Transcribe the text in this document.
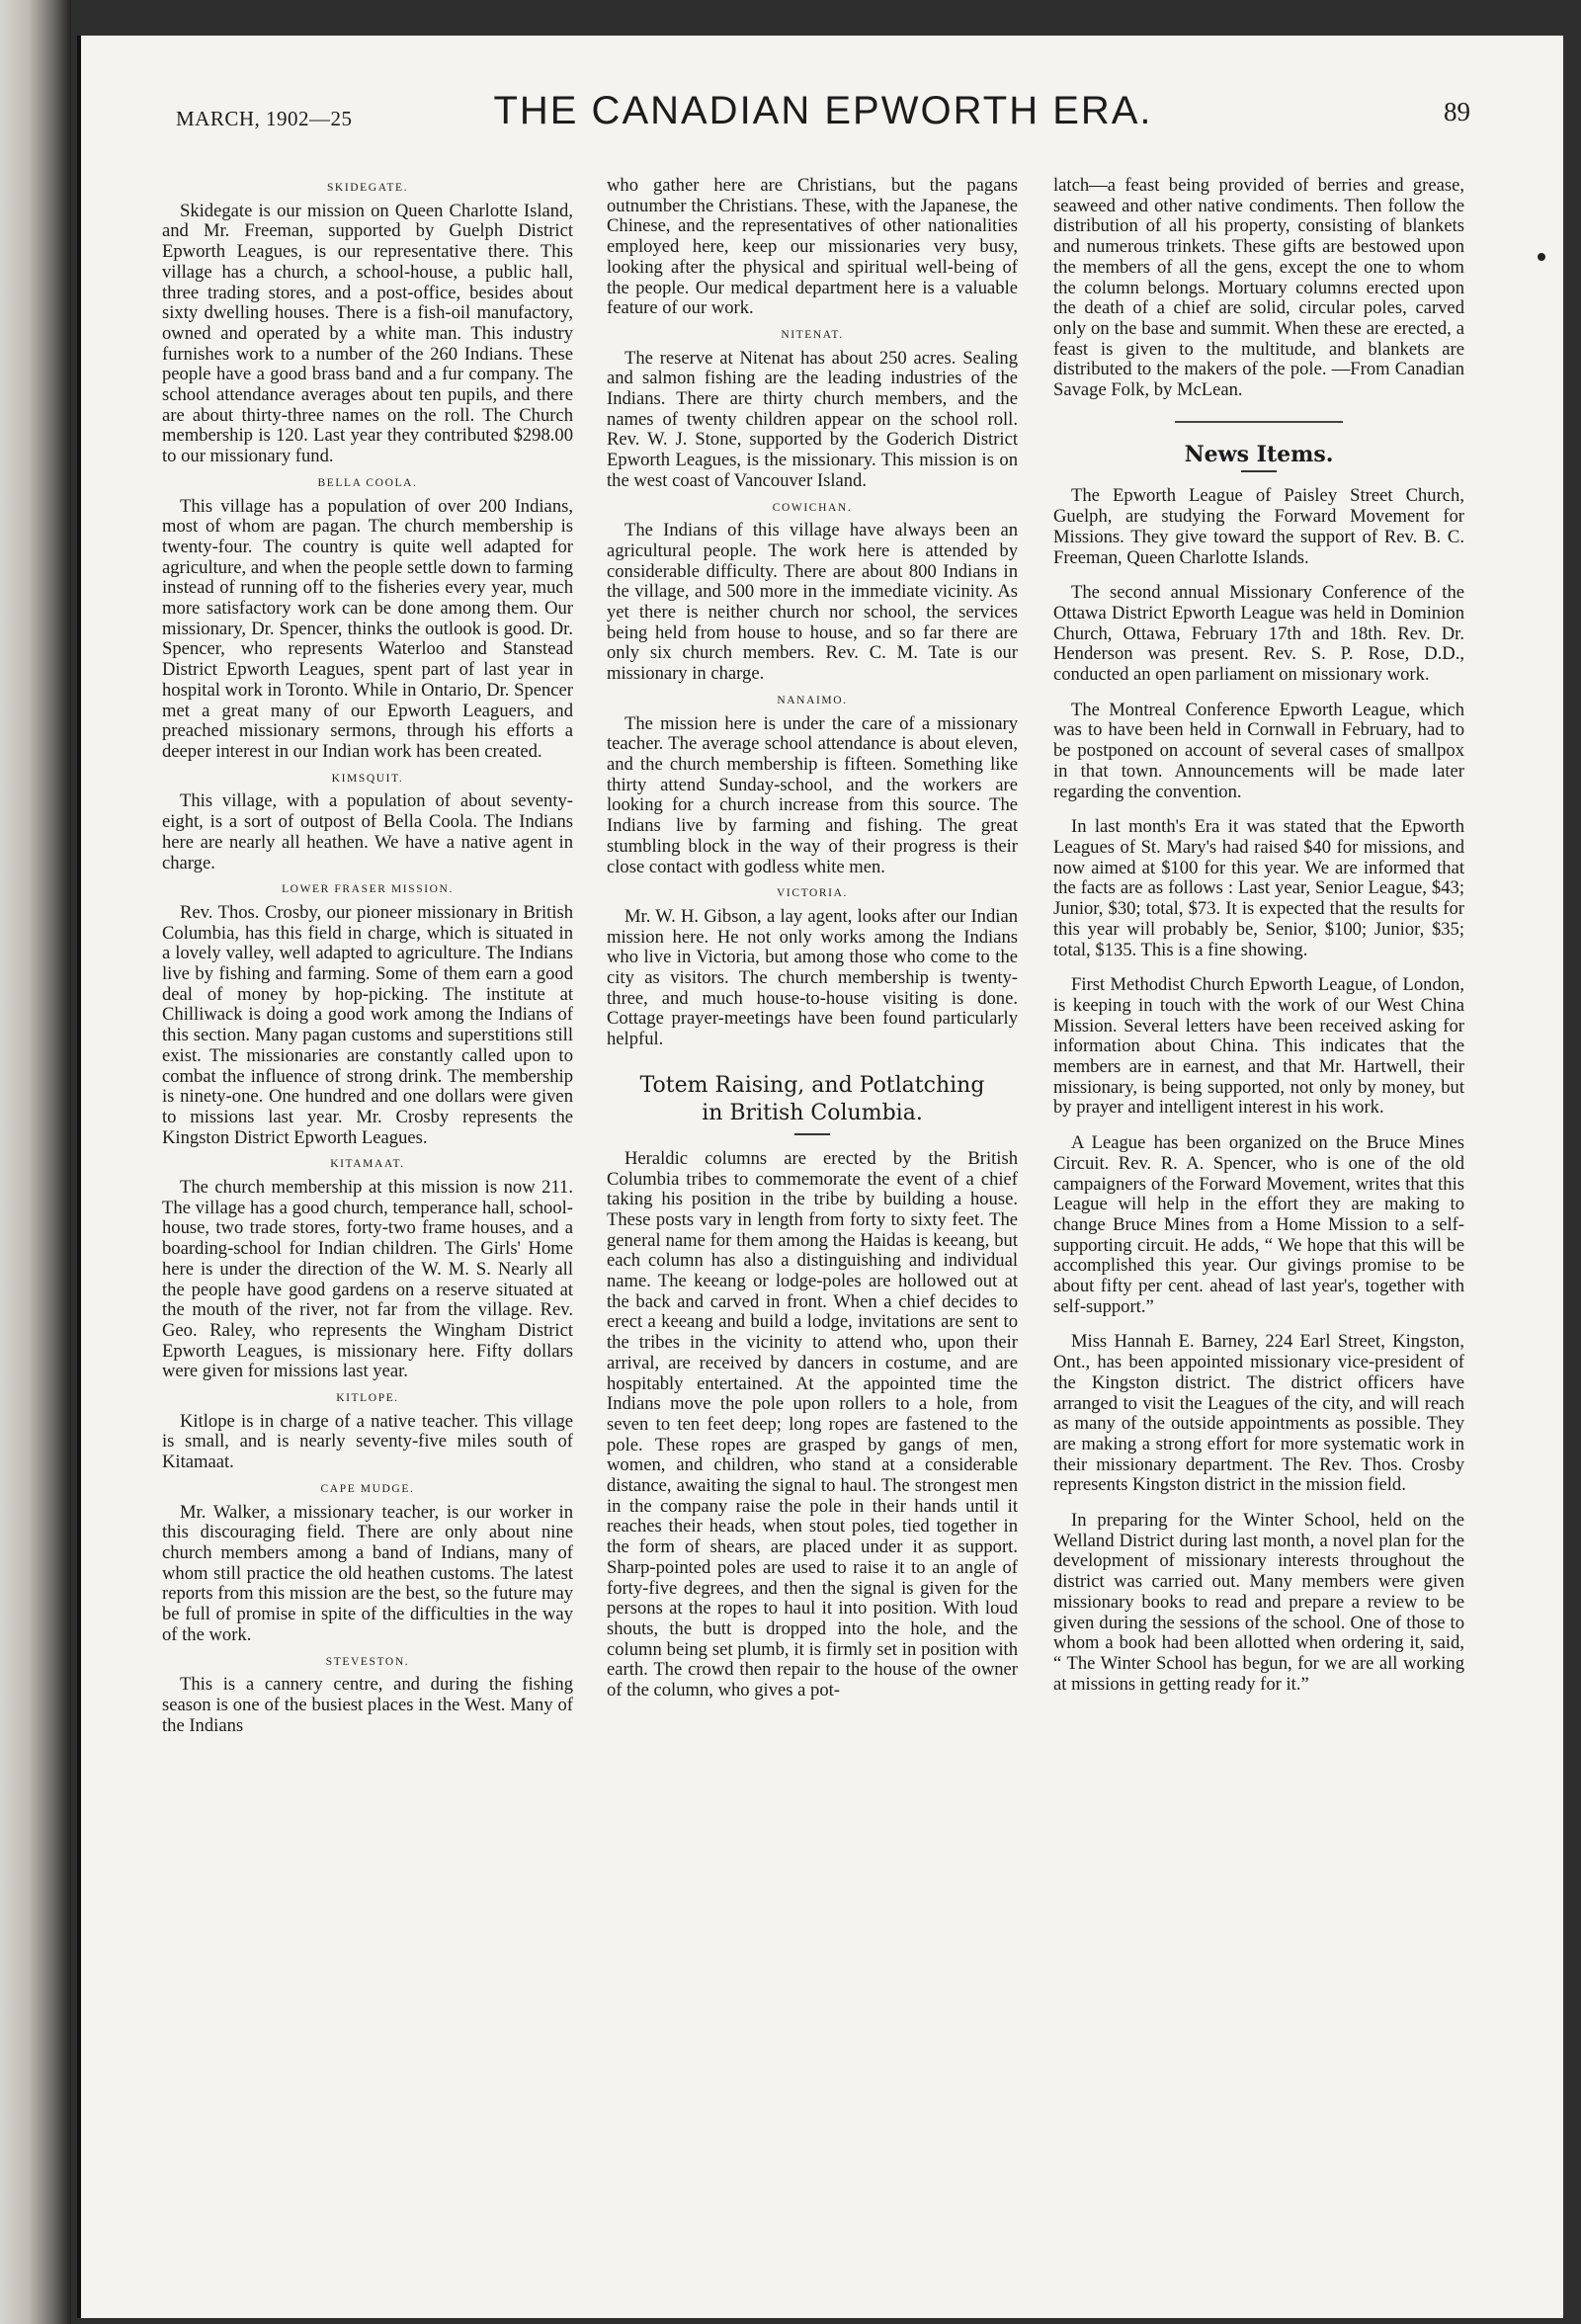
MARCH, 1902—25	THE CANADIAN EPWORTH ERA.	89
SKIDEGATE.

Skidegate is our mission on Queen Charlotte Island, and Mr. Freeman, supported by Guelph District Epworth Leagues, is our representative there. This village has a church, a school-house, a public hall, three trading stores, and a post-office, besides about sixty dwelling houses. There is a fish-oil manufactory, owned and operated by a white man. This industry furnishes work to a number of the 260 Indians. These people have a good brass band and a fur company. The school attendance averages about ten pupils, and there are about thirty-three names on the roll. The Church membership is 120. Last year they contributed $298.00 to our missionary fund.

BELLA COOLA.

This village has a population of over 200 Indians, most of whom are pagan. The church membership is twenty-four. The country is quite well adapted for agriculture, and when the people settle down to farming instead of running off to the fisheries every year, much more satisfactory work can be done among them. Our missionary, Dr. Spencer, thinks the outlook is good. Dr. Spencer, who represents Waterloo and Stanstead District Epworth Leagues, spent part of last year in hospital work in Toronto. While in Ontario, Dr. Spencer met a great many of our Epworth Leaguers, and preached missionary sermons, through his efforts a deeper interest in our Indian work has been created.

KIMSQUIT.

This village, with a population of about seventy-eight, is a sort of outpost of Bella Coola. The Indians here are nearly all heathen. We have a native agent in charge.

LOWER FRASER MISSION.

Rev. Thos. Crosby, our pioneer missionary in British Columbia, has this field in charge, which is situated in a lovely valley, well adapted to agriculture. The Indians live by fishing and farming. Some of them earn a good deal of money by hop-picking. The institute at Chilliwack is doing a good work among the Indians of this section. Many pagan customs and superstitions still exist. The missionaries are constantly called upon to combat the influence of strong drink. The membership is ninety-one. One hundred and one dollars were given to missions last year. Mr. Crosby represents the Kingston District Epworth Leagues.

KITAMAAT.

The church membership at this mission is now 211. The village has a good church, temperance hall, school-house, two trade stores, forty-two frame houses, and a boarding-school for Indian children. The Girls' Home here is under the direction of the W. M. S. Nearly all the people have good gardens on a reserve situated at the mouth of the river, not far from the village. Rev. Geo. Raley, who represents the Wingham District Epworth Leagues, is missionary here. Fifty dollars were given for missions last year.

KITLOPE.

Kitlope is in charge of a native teacher. This village is small, and is nearly seventy-five miles south of Kitamaat.

CAPE MUDGE.

Mr. Walker, a missionary teacher, is our worker in this discouraging field. There are only about nine church members among a band of Indians, many of whom still practice the old heathen customs. The latest reports from this mission are the best, so the future may be full of promise in spite of the difficulties in the way of the work.

STEVESTON.

This is a cannery centre, and during the fishing season is one of the busiest places in the West. Many of the Indians

who gather here are Christians, but the pagans outnumber the Christians. These, with the Japanese, the Chinese, and the representatives of other nationalities employed here, keep our missionaries very busy, looking after the physical and spiritual well-being of the people. Our medical department here is a valuable feature of our work.

NITENAT.

The reserve at Nitenat has about 250 acres. Sealing and salmon fishing are the leading industries of the Indians. There are thirty church members, and the names of twenty children appear on the school roll. Rev. W. J. Stone, supported by the Goderich District Epworth Leagues, is the missionary. This mission is on the west coast of Vancouver Island.

COWICHAN.

The Indians of this village have always been an agricultural people. The work here is attended by considerable difficulty. There are about 800 Indians in the village, and 500 more in the immediate vicinity. As yet there is neither church nor school, the services being held from house to house, and so far there are only six church members. Rev. C. M. Tate is our missionary in charge.

NANAIMO.

The mission here is under the care of a missionary teacher. The average school attendance is about eleven, and the church membership is fifteen. Something like thirty attend Sunday-school, and the workers are looking for a church increase from this source. The Indians live by farming and fishing. The great stumbling block in the way of their progress is their close contact with godless white men.

VICTORIA.

Mr. W. H. Gibson, a lay agent, looks after our Indian mission here. He not only works among the Indians who live in Victoria, but among those who come to the city as visitors. The church membership is twenty-three, and much house-to-house visiting is done. Cottage prayer-meetings have been found particularly helpful.

Totem Raising, and Potlatching
in British Columbia.

Heraldic columns are erected by the British Columbia tribes to commemorate the event of a chief taking his position in the tribe by building a house. These posts vary in length from forty to sixty feet. The general name for them among the Haidas is keeang, but each column has also a distinguishing and individual name. The keeang or lodge-poles are hollowed out at the back and carved in front. When a chief decides to erect a keeang and build a lodge, invitations are sent to the tribes in the vicinity to attend who, upon their arrival, are received by dancers in costume, and are hospitably entertained. At the appointed time the Indians move the pole upon rollers to a hole, from seven to ten feet deep; long ropes are fastened to the pole. These ropes are grasped by gangs of men, women, and children, who stand at a considerable distance, awaiting the signal to haul. The strongest men in the company raise the pole in their hands until it reaches their heads, when stout poles, tied together in the form of shears, are placed under it as support. Sharp-pointed poles are used to raise it to an angle of forty-five degrees, and then the signal is given for the persons at the ropes to haul it into position. With loud shouts, the butt is dropped into the hole, and the column being set plumb, it is firmly set in position with earth. The crowd then repair to the house of the owner of the column, who gives a pot-

latch—a feast being provided of berries and grease, seaweed and other native condiments. Then follow the distribution of all his property, consisting of blankets and numerous trinkets. These gifts are bestowed upon the members of all the gens, except the one to whom the column belongs. Mortuary columns erected upon the death of a chief are solid, circular poles, carved only on the base and summit. When these are erected, a feast is given to the multitude, and blankets are distributed to the makers of the pole. —From Canadian Savage Folk, by McLean.

News Items.

The Epworth League of Paisley Street Church, Guelph, are studying the Forward Movement for Missions. They give toward the support of Rev. B. C. Freeman, Queen Charlotte Islands.

The second annual Missionary Conference of the Ottawa District Epworth League was held in Dominion Church, Ottawa, February 17th and 18th. Rev. Dr. Henderson was present. Rev. S. P. Rose, D.D., conducted an open parliament on missionary work.

The Montreal Conference Epworth League, which was to have been held in Cornwall in February, had to be postponed on account of several cases of smallpox in that town. Announcements will be made later regarding the convention.

In last month's Era it was stated that the Epworth Leagues of St. Mary's had raised $40 for missions, and now aimed at $100 for this year. We are informed that the facts are as follows : Last year, Senior League, $43; Junior, $30; total, $73. It is expected that the results for this year will probably be, Senior, $100; Junior, $35; total, $135. This is a fine showing.

First Methodist Church Epworth League, of London, is keeping in touch with the work of our West China Mission. Several letters have been received asking for information about China. This indicates that the members are in earnest, and that Mr. Hartwell, their missionary, is being supported, not only by money, but by prayer and intelligent interest in his work.

A League has been organized on the Bruce Mines Circuit. Rev. R. A. Spencer, who is one of the old campaigners of the Forward Movement, writes that this League will help in the effort they are making to change Bruce Mines from a Home Mission to a self-supporting circuit. He adds, “ We hope that this will be accomplished this year. Our givings promise to be about fifty per cent. ahead of last year's, together with self-support.”

Miss Hannah E. Barney, 224 Earl Street, Kingston, Ont., has been appointed missionary vice-president of the Kingston district. The district officers have arranged to visit the Leagues of the city, and will reach as many of the outside appointments as possible. They are making a strong effort for more systematic work in their missionary department. The Rev. Thos. Crosby represents Kingston district in the mission field.

In preparing for the Winter School, held on the Welland District during last month, a novel plan for the development of missionary interests throughout the district was carried out. Many members were given missionary books to read and prepare a review to be given during the sessions of the school. One of those to whom a book had been allotted when ordering it, said, “ The Winter School has begun, for we are all working at missions in getting ready for it.”
